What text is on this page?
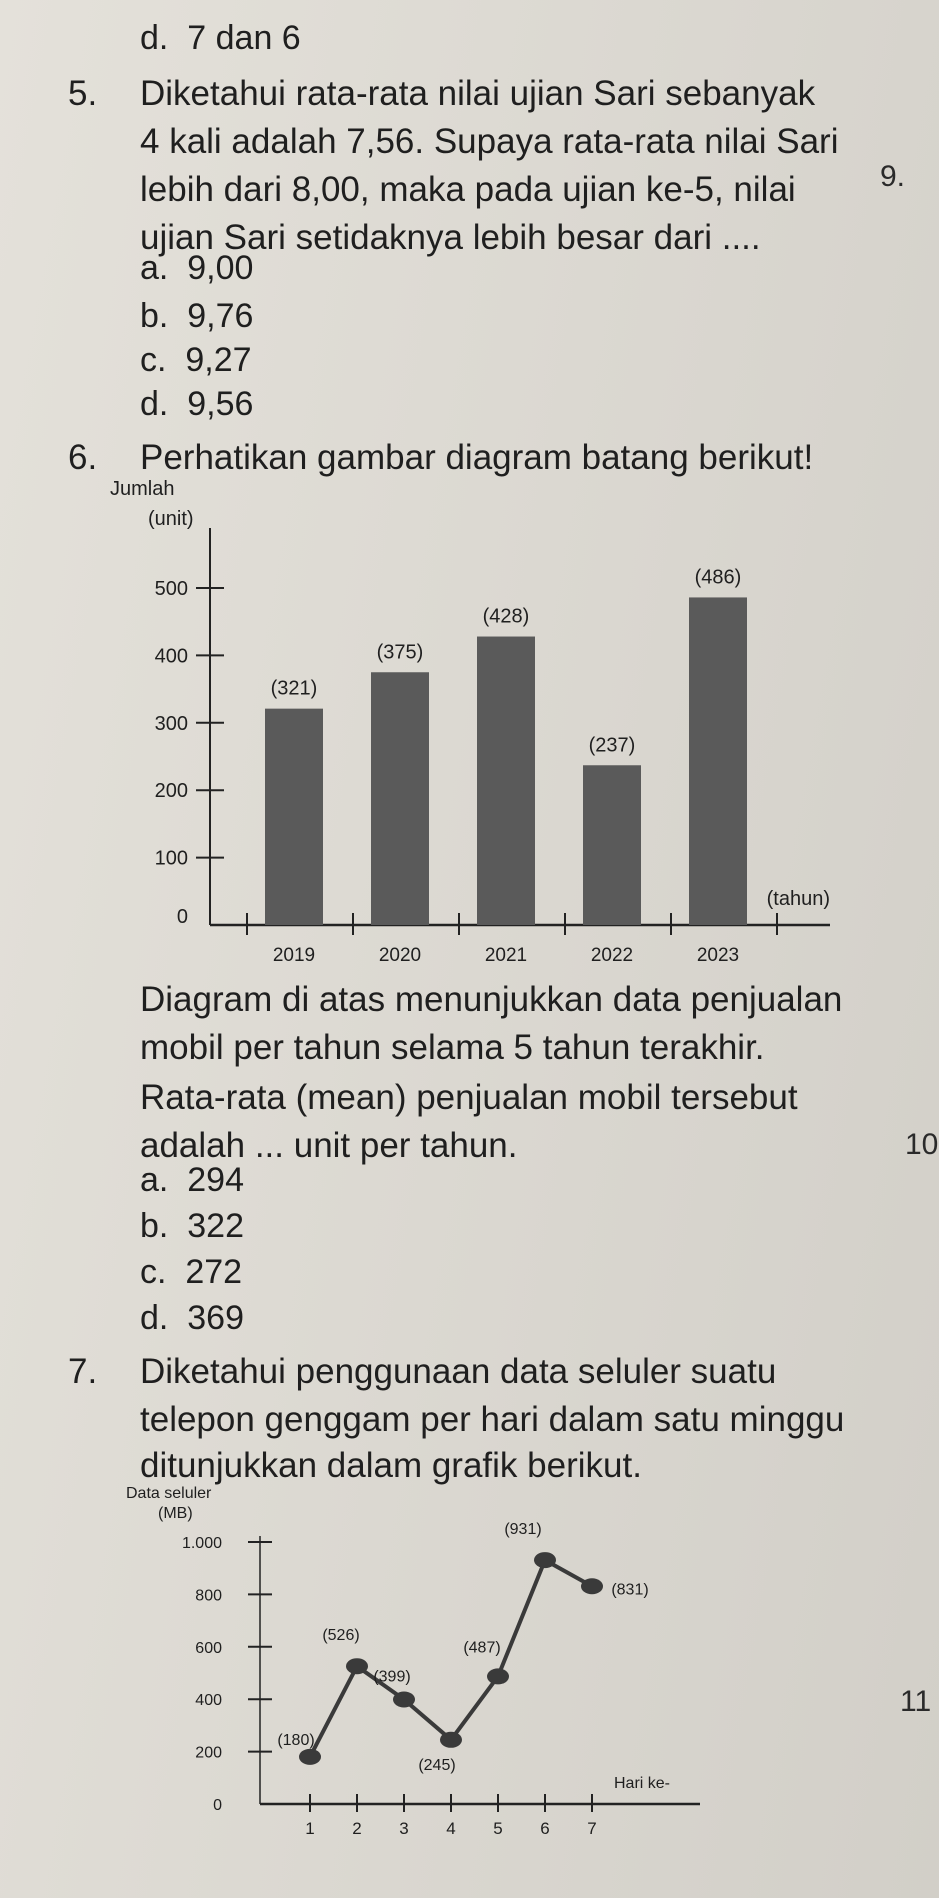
d. 7 dan 6
5. Diketahui rata-rata nilai ujian Sari sebanyak
4 kali adalah 7,56. Supaya rata-rata nilai Sari
lebih dari 8,00, maka pada ujian ke-5, nilai
ujian Sari setidaknya lebih besar dari ....
9.
a. 9,00
b. 9,76
c. 9,27
d. 9,56
6. Perhatikan gambar diagram batang berikut!
Jumlah
(unit)
0
100
200
300
400
500
(321)
2019
(375)
2020
(428)
2021
(237)
2022
(486)
2023
(tahun)
Diagram di atas menunjukkan data penjualan
mobil per tahun selama 5 tahun terakhir.
Rata-rata (mean) penjualan mobil tersebut
adalah ... unit per tahun.	10
a. 294
b. 322
c. 272
d. 369
7. Diketahui penggunaan data seluler suatu
telepon genggam per hari dalam satu minggu
ditunjukkan dalam grafik berikut.
Data seluler
(MB)
0
200
400
600
800
1.000
1 2 3 4 5 6 7
(180)
(526)
(399)
(245)
(487)
(931)
(831)
Hari ke-
11
